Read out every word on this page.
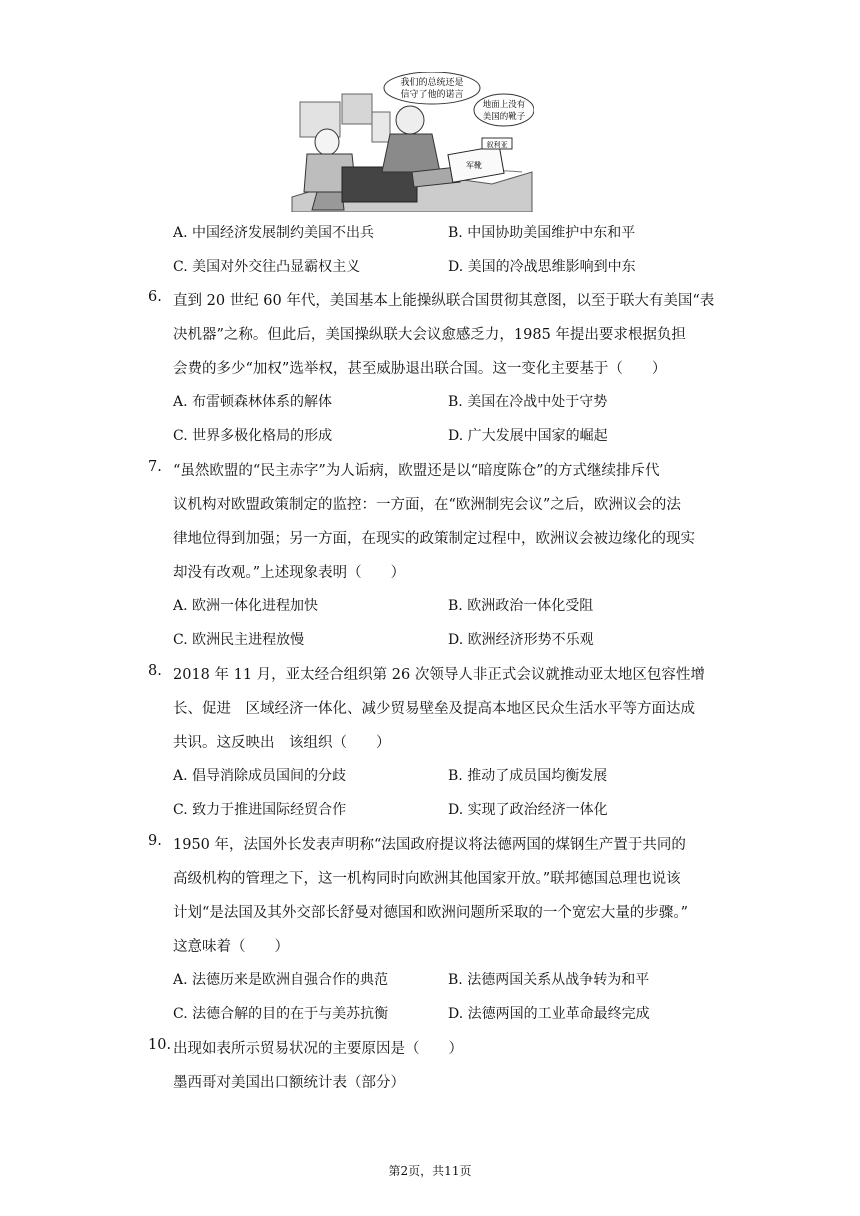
我们的总统还是
信守了他的诺言
地面上没有
美国的靴子
叙利亚
军靴
A. 中国经济发展制约美国不出兵	B. 中国协助美国维护中东和平
C. 美国对外交往凸显霸权主义	D. 美国的冷战思维影响到中东
6. 直到 20 世纪 60 年代，美国基本上能操纵联合国贯彻其意图，以至于联大有美国“表
决机器”之称。但此后，美国操纵联大会议愈感乏力，1985 年提出要求根据负担
会费的多少“加权”选举权，甚至威胁退出联合国。这一变化主要基于（　　）
A. 布雷顿森林体系的解体	B. 美国在冷战中处于守势
C. 世界多极化格局的形成	D. 广大发展中国家的崛起
7. “虽然欧盟的“民主赤字”为人诟病，欧盟还是以“暗度陈仓”的方式继续排斥代
议机构对欧盟政策制定的监控：一方面，在“欧洲制宪会议”之后，欧洲议会的法
律地位得到加强；另一方面，在现实的政策制定过程中，欧洲议会被边缘化的现实
却没有改观。”上述现象表明（　　）
A. 欧洲一体化进程加快	B. 欧洲政治一体化受阻
C. 欧洲民主进程放慢	D. 欧洲经济形势不乐观
8. 2018 年 11 月，亚太经合组织第 26 次领导人非正式会议就推动亚太地区包容性增
长、促进　区域经济一体化、减少贸易壁垒及提高本地区民众生活水平等方面达成
共识。这反映出　该组织（　　）
A. 倡导消除成员国间的分歧	B. 推动了成员国均衡发展
C. 致力于推进国际经贸合作	D. 实现了政治经济一体化
9. 1950 年，法国外长发表声明称“法国政府提议将法德两国的煤钢生产置于共同的
高级机构的管理之下，这一机构同时向欧洲其他国家开放。”联邦德国总理也说该
计划“是法国及其外交部长舒曼对德国和欧洲问题所采取的一个宽宏大量的步骤。”
这意味着（　　）
A. 法德历来是欧洲自强合作的典范	B. 法德两国关系从战争转为和平
C. 法德合解的目的在于与美苏抗衡	D. 法德两国的工业革命最终完成
10. 出现如表所示贸易状况的主要原因是（　　）
墨西哥对美国出口额统计表（部分）
第2页，共11页
